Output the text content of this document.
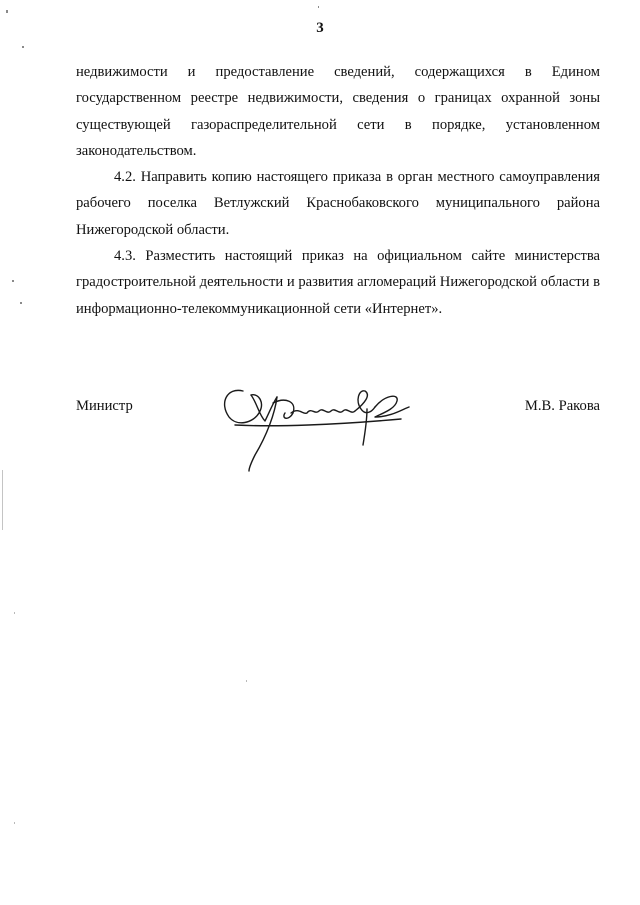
3

недвижимости и предоставление сведений, содержащихся в Едином государственном реестре недвижимости, сведения о границах охранной зоны существующей газораспределительной сети в порядке, установленном законодательством.

4.2. Направить копию настоящего приказа в орган местного самоуправления рабочего поселка Ветлужский Краснобаковского муниципального района Нижегородской области.

4.3. Разместить настоящий приказ на официальном сайте министерства градостроительной деятельности и развития агломераций Нижегородской области в информационно-телекоммуникационной сети «Интернет».

Министр	М.В. Ракова
